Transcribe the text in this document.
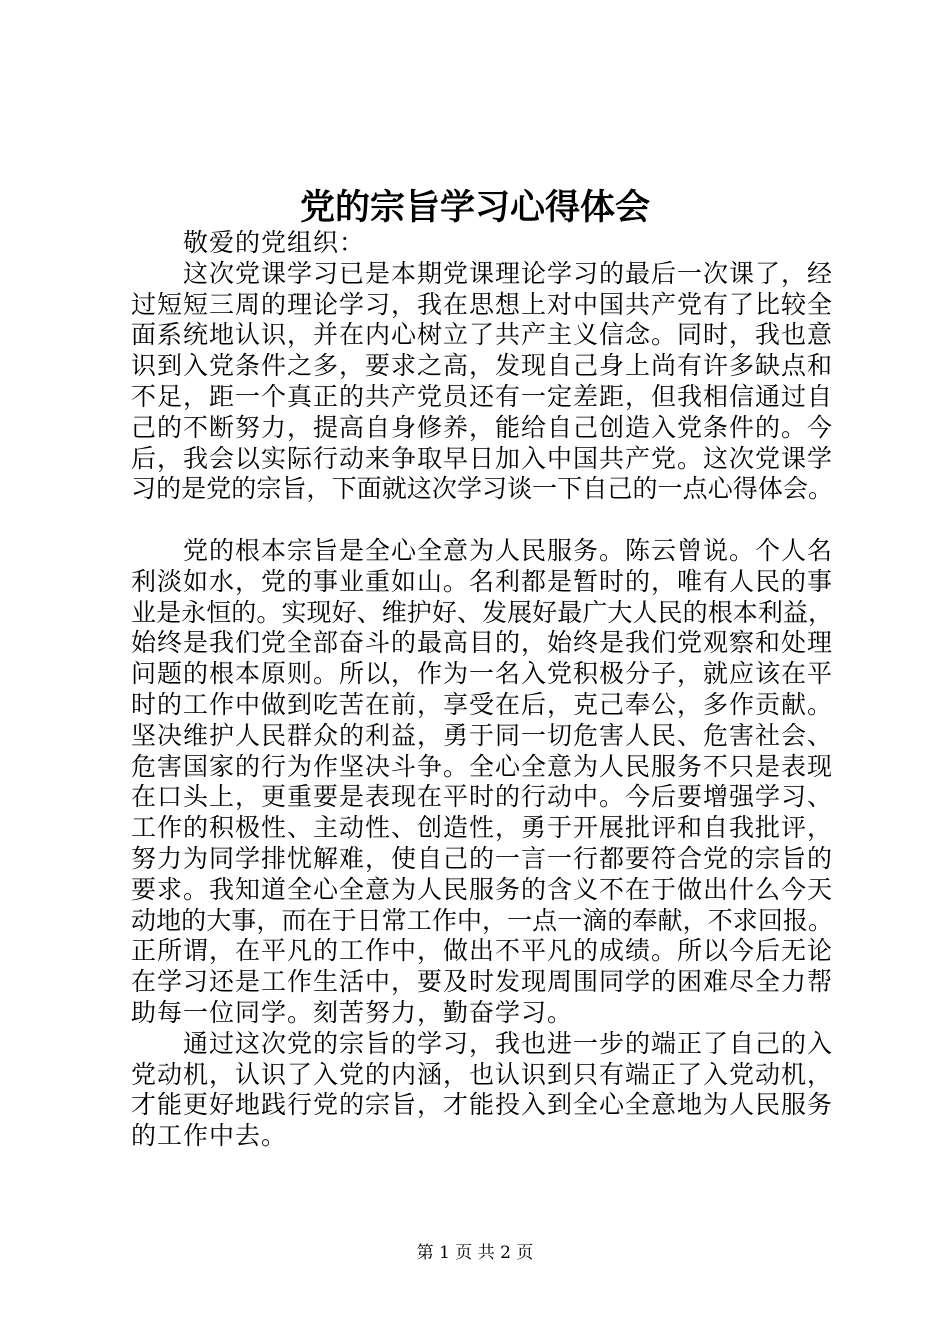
党的宗旨学习心得体会
敬爱的党组织：
这次党课学习已是本期党课理论学习的最后一次课了，经
过短短三周的理论学习，我在思想上对中国共产党有了比较全
面系统地认识，并在内心树立了共产主义信念。同时，我也意
识到入党条件之多，要求之高，发现自己身上尚有许多缺点和
不足，距一个真正的共产党员还有一定差距，但我相信通过自
己的不断努力，提高自身修养，能给自己创造入党条件的。今
后，我会以实际行动来争取早日加入中国共产党。这次党课学
习的是党的宗旨，下面就这次学习谈一下自己的一点心得体会。
党的根本宗旨是全心全意为人民服务。陈云曾说。个人名
利淡如水，党的事业重如山。名利都是暂时的，唯有人民的事
业是永恒的。实现好、维护好、发展好最广大人民的根本利益，
始终是我们党全部奋斗的最高目的，始终是我们党观察和处理
问题的根本原则。所以，作为一名入党积极分子，就应该在平
时的工作中做到吃苦在前，享受在后，克己奉公，多作贡献。
坚决维护人民群众的利益，勇于同一切危害人民、危害社会、
危害国家的行为作坚决斗争。全心全意为人民服务不只是表现
在口头上，更重要是表现在平时的行动中。今后要增强学习、
工作的积极性、主动性、创造性，勇于开展批评和自我批评，
努力为同学排忧解难，使自己的一言一行都要符合党的宗旨的
要求。我知道全心全意为人民服务的含义不在于做出什么今天
动地的大事，而在于日常工作中，一点一滴的奉献，不求回报。
正所谓，在平凡的工作中，做出不平凡的成绩。所以今后无论
在学习还是工作生活中，要及时发现周围同学的困难尽全力帮
助每一位同学。刻苦努力，勤奋学习。
通过这次党的宗旨的学习，我也进一步的端正了自己的入
党动机，认识了入党的内涵，也认识到只有端正了入党动机，
才能更好地践行党的宗旨，才能投入到全心全意地为人民服务
的工作中去。
第 1 页 共 2 页
